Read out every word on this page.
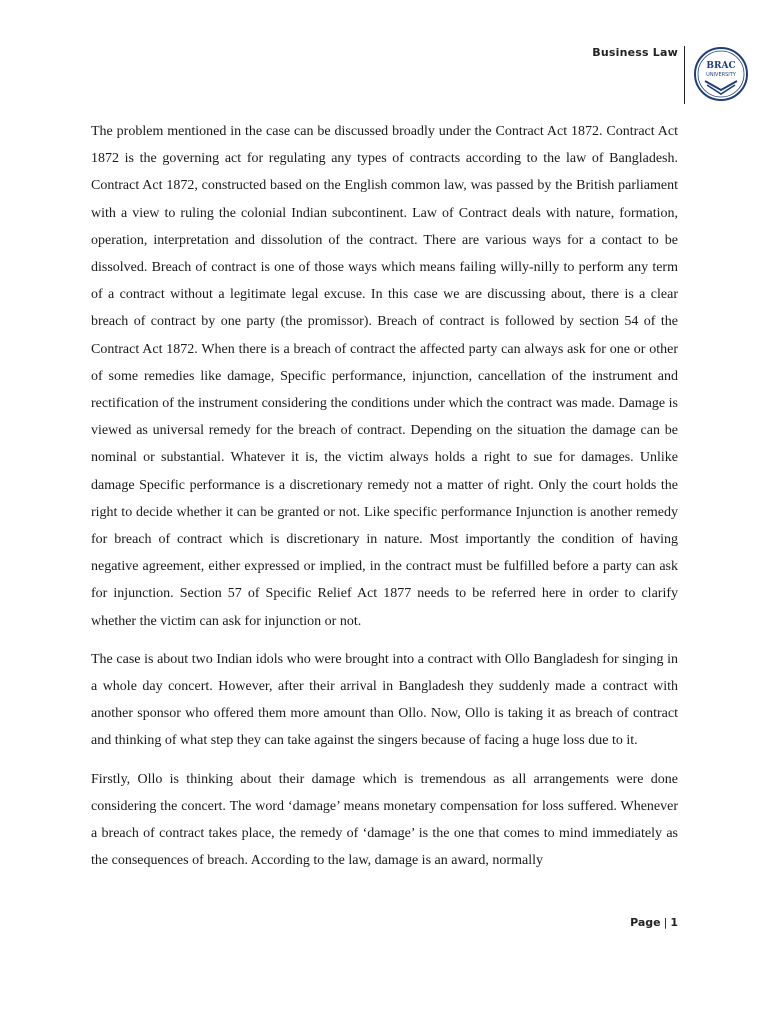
Business Law
BRAC
UNIVERSITY

The problem mentioned in the case can be discussed broadly under the Contract Act 1872. Contract Act 1872 is the governing act for regulating any types of contracts according to the law of Bangladesh. Contract Act 1872, constructed based on the English common law, was passed by the British parliament with a view to ruling the colonial Indian subcontinent. Law of Contract deals with nature, formation, operation, interpretation and dissolution of the contract. There are various ways for a contact to be dissolved. Breach of contract is one of those ways which means failing willy-nilly to perform any term of a contract without a legitimate legal excuse. In this case we are discussing about, there is a clear breach of contract by one party (the promissor). Breach of contract is followed by section 54 of the Contract Act 1872. When there is a breach of contract the affected party can always ask for one or other of some remedies like damage, Specific performance, injunction, cancellation of the instrument and rectification of the instrument considering the conditions under which the contract was made. Damage is viewed as universal remedy for the breach of contract. Depending on the situation the damage can be nominal or substantial. Whatever it is, the victim always holds a right to sue for damages. Unlike damage Specific performance is a discretionary remedy not a matter of right. Only the court holds the right to decide whether it can be granted or not. Like specific performance Injunction is another remedy for breach of contract which is discretionary in nature. Most importantly the condition of having negative agreement, either expressed or implied, in the contract must be fulfilled before a party can ask for injunction. Section 57 of Specific Relief Act 1877 needs to be referred here in order to clarify whether the victim can ask for injunction or not.

The case is about two Indian idols who were brought into a contract with Ollo Bangladesh for singing in a whole day concert. However, after their arrival in Bangladesh they suddenly made a contract with another sponsor who offered them more amount than Ollo. Now, Ollo is taking it as breach of contract and thinking of what step they can take against the singers because of facing a huge loss due to it.

Firstly, Ollo is thinking about their damage which is tremendous as all arrangements were done considering the concert. The word ‘damage’ means monetary compensation for loss suffered. Whenever a breach of contract takes place, the remedy of ‘damage’ is the one that comes to mind immediately as the consequences of breach. According to the law, damage is an award, normally

Page | 1
